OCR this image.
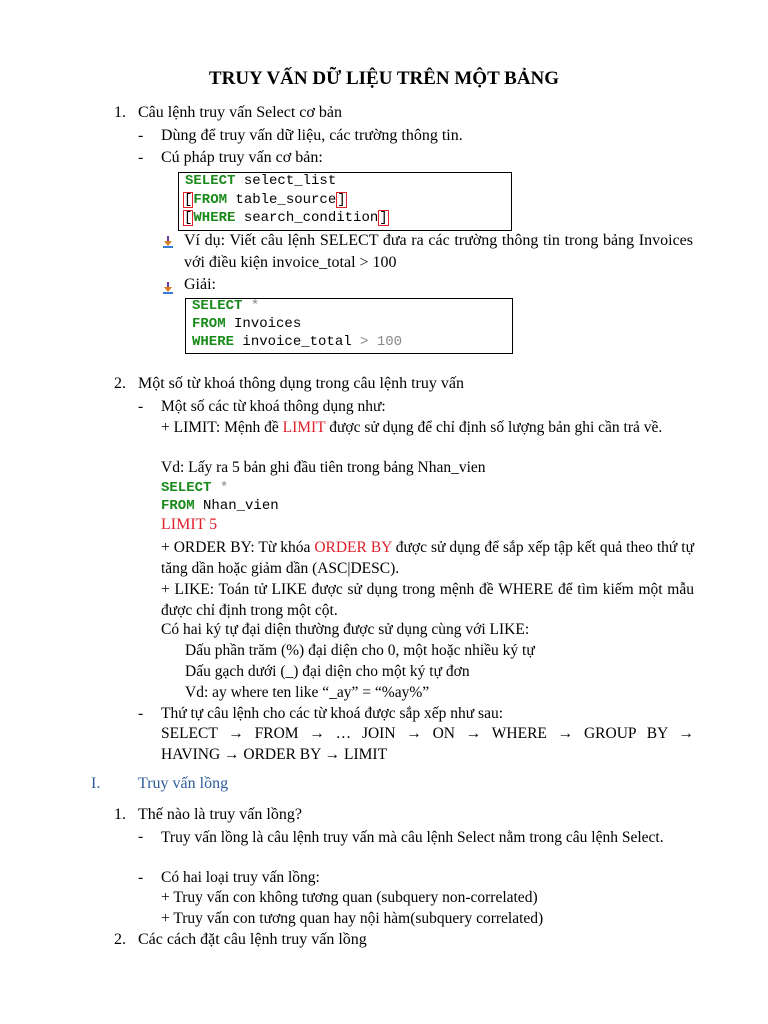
TRUY VẤN DỮ LIỆU TRÊN MỘT BẢNG
1. Câu lệnh truy vấn Select cơ bản
- Dùng để truy vấn dữ liệu, các trường thông tin.
- Cú pháp truy vấn cơ bản:
SELECT select_list
[FROM table_source]
[WHERE search_condition]
Ví dụ: Viết câu lệnh SELECT đưa ra các trường thông tin trong bảng Invoices với điều kiện invoice_total > 100
Giải:
SELECT *
FROM Invoices
WHERE invoice_total > 100
2. Một số từ khoá thông dụng trong câu lệnh truy vấn
- Một số các từ khoá thông dụng như:
+ LIMIT: Mệnh đề LIMIT được sử dụng để chỉ định số lượng bản ghi cần trả về.
Vd: Lấy ra 5 bản ghi đầu tiên trong bảng Nhan_vien
SELECT *
FROM Nhan_vien
LIMIT 5
+ ORDER BY: Từ khóa ORDER BY được sử dụng để sắp xếp tập kết quả theo thứ tự tăng dần hoặc giảm dần (ASC|DESC).
+ LIKE: Toán tử LIKE được sử dụng trong mệnh đề WHERE để tìm kiếm một mẫu được chỉ định trong một cột.
Có hai ký tự đại diện thường được sử dụng cùng với LIKE:
Dấu phần trăm (%) đại diện cho 0, một hoặc nhiều ký tự
Dấu gạch dưới (_) đại diện cho một ký tự đơn
Vd: ay where ten like “_ay” = “%ay%”
- Thứ tự câu lệnh cho các từ khoá được sắp xếp như sau:
SELECT → FROM → … JOIN → ON → WHERE → GROUP BY →
HAVING → ORDER BY → LIMIT
I. Truy vấn lồng
1. Thế nào là truy vấn lồng?
- Truy vấn lồng là câu lệnh truy vấn mà câu lệnh Select nằm trong câu lệnh Select.
- Có hai loại truy vấn lồng:
+ Truy vấn con không tương quan (subquery non-correlated)
+ Truy vấn con tương quan hay nội hàm(subquery correlated)
2. Các cách đặt câu lệnh truy vấn lồng
